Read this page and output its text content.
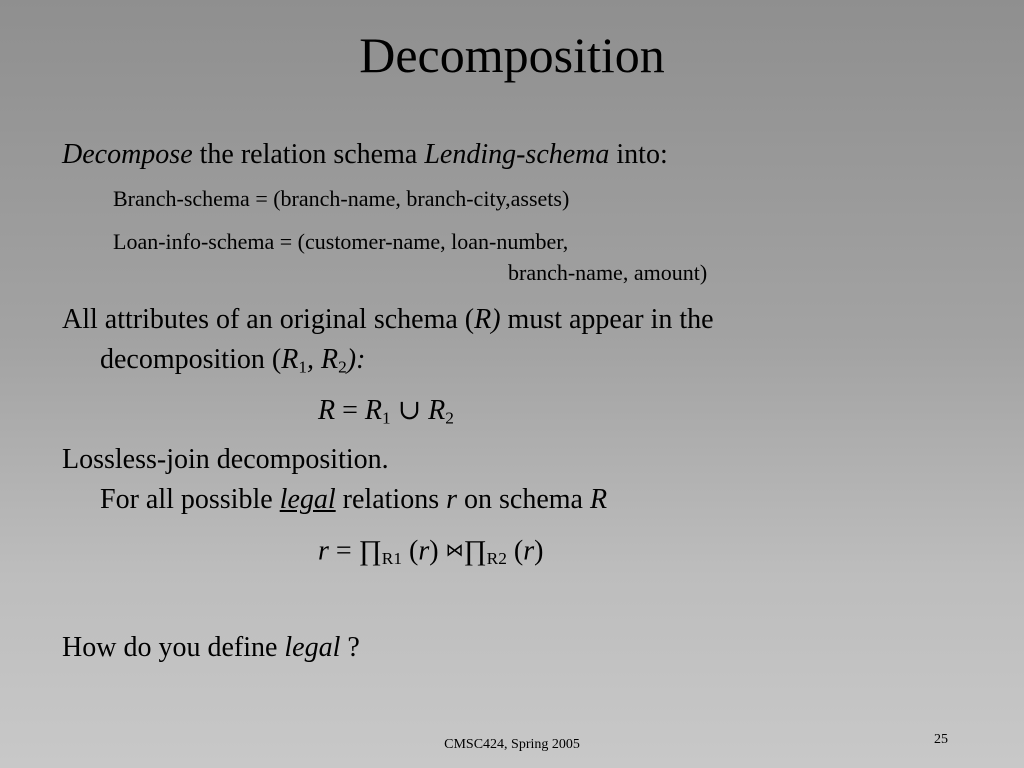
Decomposition
Decompose the relation schema Lending-schema into:
Branch-schema = (branch-name, branch-city,assets)
Loan-info-schema = (customer-name, loan-number,
branch-name, amount)
All attributes of an original schema (R) must appear in the
decomposition ($R_1$, $R_2$):
$R = R_1$ ∪ $R_2$
Lossless-join decomposition.
For all possible legal relations r on schema R
$r = \prod_{R1}$ (r) $⋈\prod_{R2}$ (r)
How do you define legal ?
CMSC424, Spring 2005	25
